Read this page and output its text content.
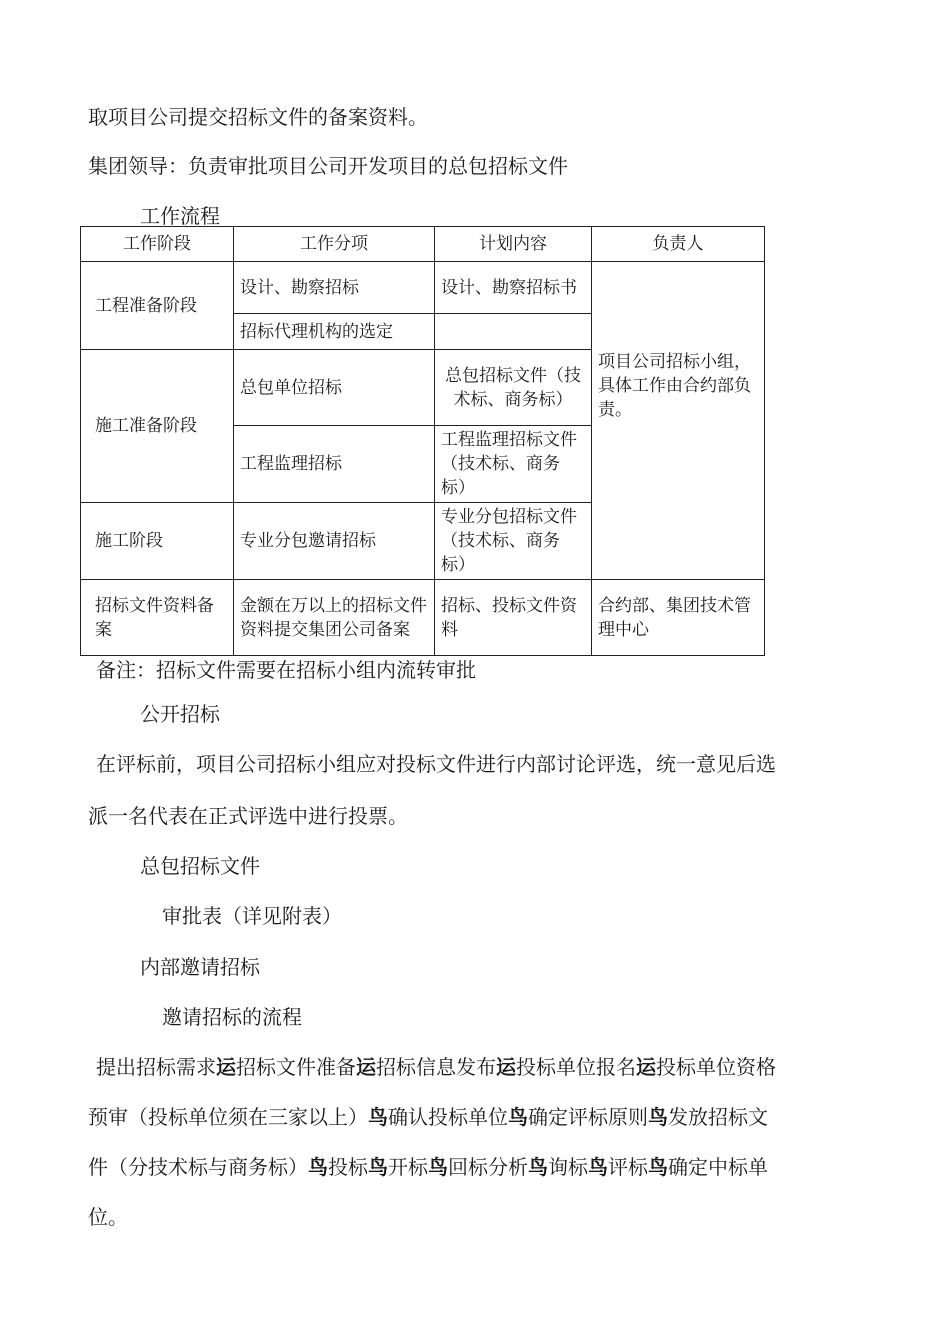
取项目公司提交招标文件的备案资料。
集团领导：负责审批项目公司开发项目的总包招标文件
工作流程
工作阶段	工作分项	计划内容	负责人
工程准备阶段	设计、勘察招标	设计、勘察招标书	项目公司招标小组，具体工作由合约部负责。
	招标代理机构的选定		
施工准备阶段	总包单位招标	总包招标文件（技术标、商务标）	
	工程监理招标	工程监理招标文件（技术标、商务标）	
施工阶段	专业分包邀请招标	专业分包招标文件（技术标、商务标）	
招标文件资料备案	金额在万以上的招标文件资料提交集团公司备案	招标、投标文件资料	合约部、集团技术管理中心
备注：招标文件需要在招标小组内流转审批
公开招标
在评标前，项目公司招标小组应对投标文件进行内部讨论评选，统一意见后选
派一名代表在正式评选中进行投票。
总包招标文件
审批表（详见附表）
内部邀请招标
邀请招标的流程
提出招标需求运招标文件准备运招标信息发布运投标单位报名运投标单位资格
预审（投标单位须在三家以上）鸟确认投标单位鸟确定评标原则鸟发放招标文
件（分技术标与商务标）鸟投标鸟开标鸟回标分析鸟询标鸟评标鸟确定中标单
位。
